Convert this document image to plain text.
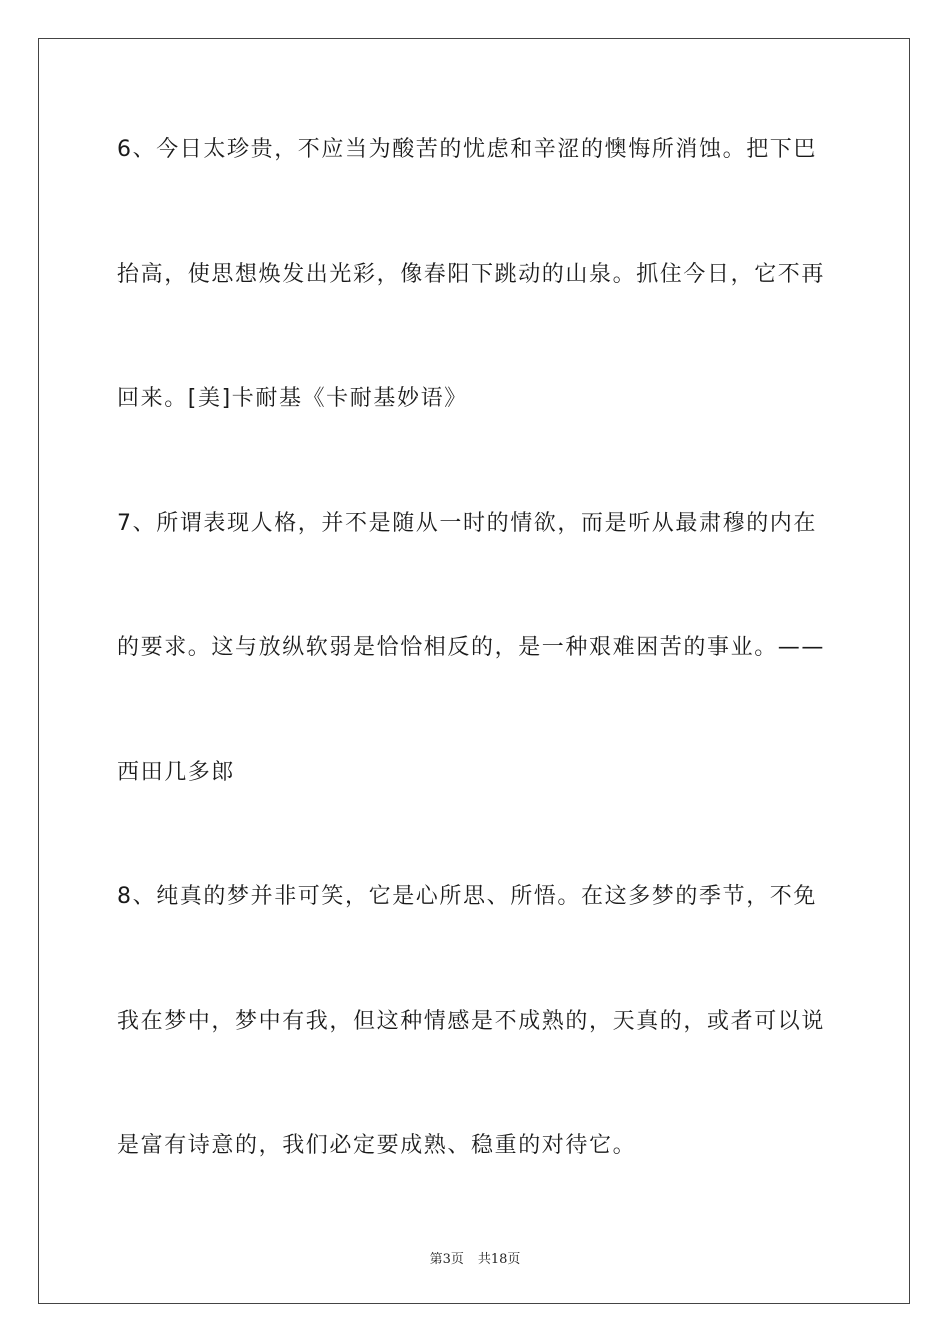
6、今日太珍贵，不应当为酸苦的忧虑和辛涩的懊悔所消蚀。把下巴
抬高，使思想焕发出光彩，像春阳下跳动的山泉。抓住今日，它不再
回来。[美]卡耐基《卡耐基妙语》
7、所谓表现人格，并不是随从一时的情欲，而是听从最肃穆的内在
的要求。这与放纵软弱是恰恰相反的，是一种艰难困苦的事业。——
西田几多郎
8、纯真的梦并非可笑，它是心所思、所悟。在这多梦的季节，不免
我在梦中，梦中有我，但这种情感是不成熟的，天真的，或者可以说
是富有诗意的，我们必定要成熟、稳重的对待它。
第3页 共18页
